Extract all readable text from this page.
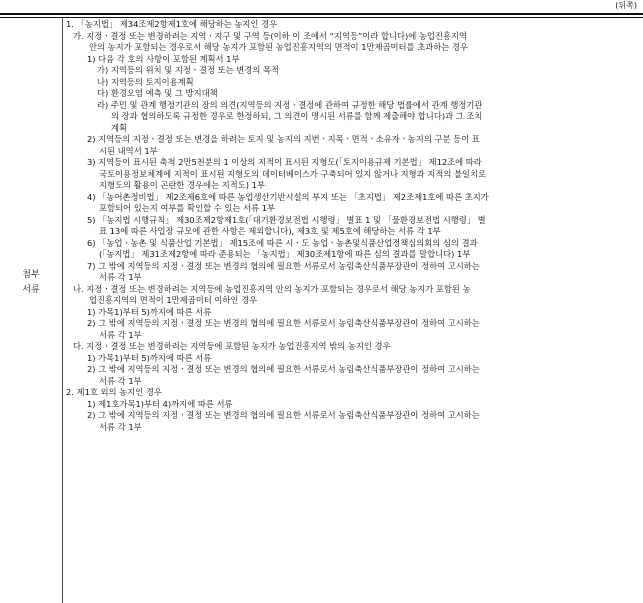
(뒤쪽)
첨부
서류
1. 「농지법」 제34조제2항제1호에 해당하는 농지인 경우
가. 지정ㆍ결정 또는 변경하려는 지역ㆍ지구 및 구역 등(이하 이 조에서 “지역등”이라 합니다)에 농업진흥지역
안의 농지가 포함되는 경우로서 해당 농지가 포함된 농업진흥지역의 면적이 1만제곱미터를 초과하는 경우
1) 다음 각 호의 사항이 포함된 계획서 1부
가) 지역등의 위치 및 지정ㆍ결정 또는 변경의 목적
나) 지역등의 토지이용계획
다) 환경오염 예측 및 그 방지대책
라) 주민 및 관계 행정기관의 장의 의견(지역등의 지정ㆍ결정에 관하여 규정한 해당 법률에서 관계 행정기관
의 장과 협의하도록 규정한 경우로 한정하되, 그 의견이 명시된 서류를 함께 제출해야 합니다)과 그 조치
계획
2) 지역등의 지정ㆍ결정 또는 변경을 하려는 토지 및 농지의 지번ㆍ지목ㆍ면적ㆍ소유자ㆍ농지의 구분 등이 표
시된 내역서 1부
3) 지역등이 표시된 축척 2만5천분의 1 이상의 지적이 표시된 지형도(「토지이용규제 기본법」 제12조에 따라
국토이용정보체계에 지적이 표시된 지형도의 데이터베이스가 구축되어 있지 않거나 지형과 지적의 불일치로
지형도의 활용이 곤란한 경우에는 지적도) 1부
4) 「농어촌정비법」 제2조제6호에 따른 농업생산기반시설의 부지 또는 「초지법」 제2조제1호에 따른 초지가
포함되어 있는지 여부를 확인할 수 있는 서류 1부
5) 「농지법 시행규칙」 제30조제2항제1호(「대기환경보전법 시행령」 별표 1 및 「물환경보전법 시행령」 별
표 13에 따른 사업장 규모에 관한 사항은 제외합니다), 제3호 및 제5호에 해당하는 서류 각 1부
6) 「농업ㆍ농촌 및 식품산업 기본법」 제15조에 따른 시ㆍ도 농업ㆍ농촌및식품산업정책심의회의 심의 결과
(「농지법」 제31조제2항에 따라 준용되는 「농지법」 제30조제1항에 따른 심의 결과를 말합니다) 1부
7) 그 밖에 지역등의 지정ㆍ결정 또는 변경의 협의에 필요한 서류로서 농림축산식품부장관이 정하여 고시하는
서류 각 1부
나. 지정ㆍ결정 또는 변경하려는 지역등에 농업진흥지역 안의 농지가 포함되는 경우로서 해당 농지가 포함된 농
업진흥지역의 면적이 1만제곱미터 이하인 경우
1) 가목1)부터 5)까지에 따른 서류
2) 그 밖에 지역등의 지정ㆍ결정 또는 변경의 협의에 필요한 서류로서 농림축산식품부장관이 정하여 고시하는
서류 각 1부
다. 지정ㆍ결정 또는 변경하려는 지역등에 포함된 농지가 농업진흥지역 밖의 농지인 경우
1) 가목1)부터 5)까지에 따른 서류
2) 그 밖에 지역등의 지정ㆍ결정 또는 변경의 협의에 필요한 서류로서 농림축산식품부장관이 정하여 고시하는
서류 각 1부
2. 제1호 외의 농지인 경우
1) 제1호가목1)부터 4)까지에 따른 서류
2) 그 밖에 지역등의 지정ㆍ결정 또는 변경의 협의에 필요한 서류로서 농림축산식품부장관이 정하여 고시하는
서류 각 1부
